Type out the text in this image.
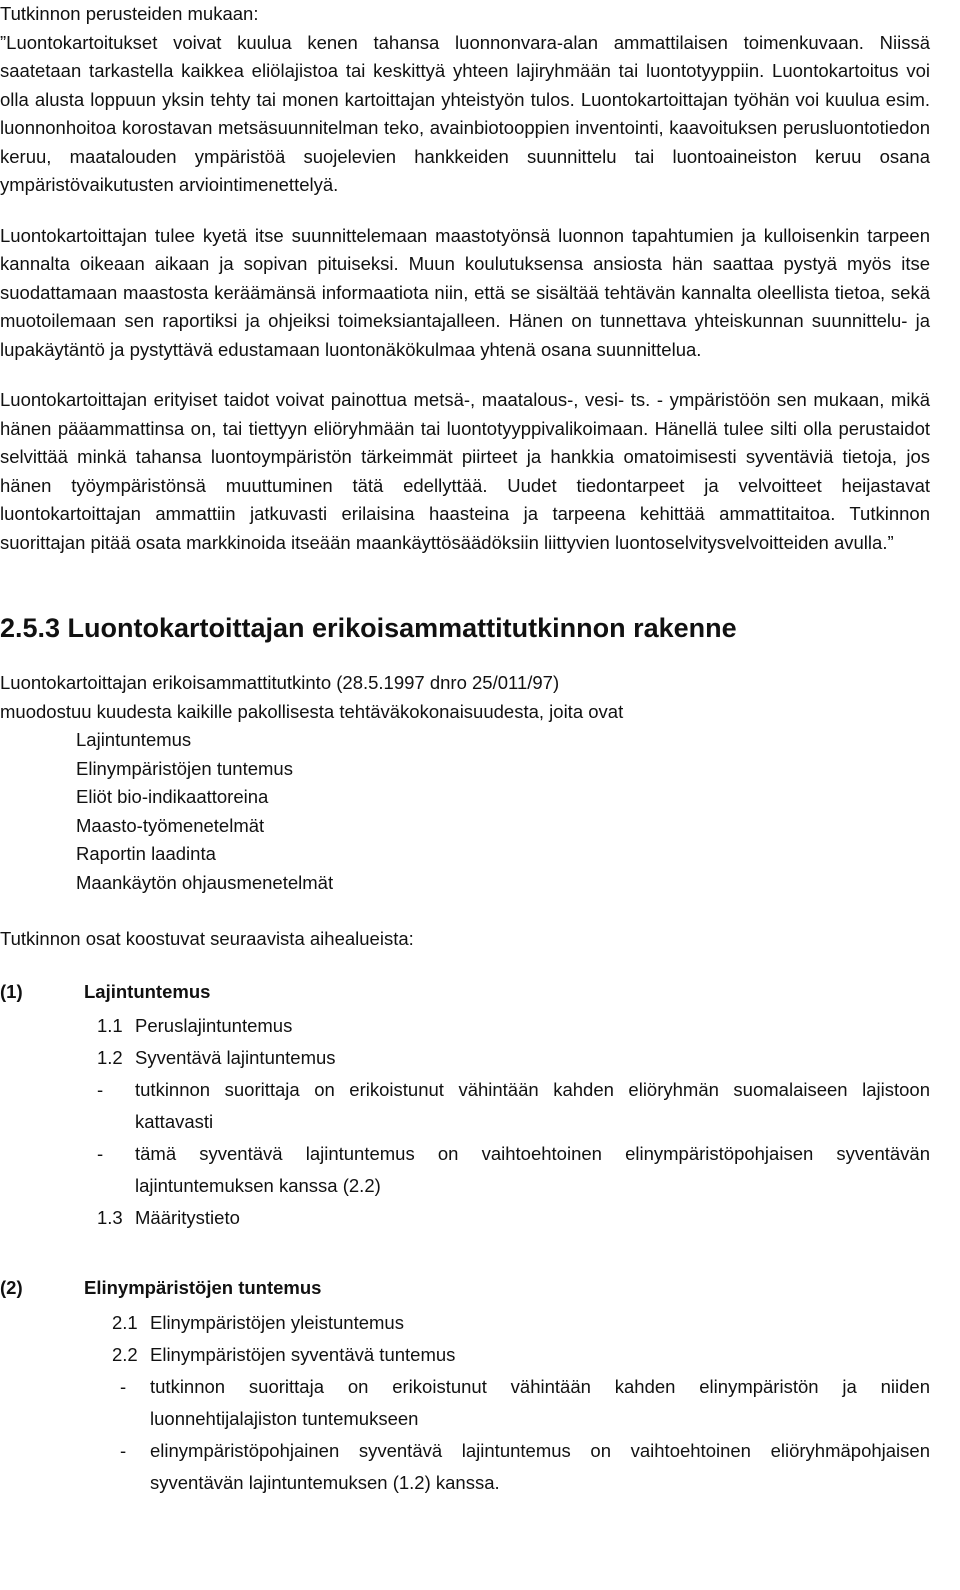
Tutkinnon perusteiden mukaan:

”Luontokartoitukset voivat kuulua kenen tahansa luonnonvara-alan ammattilaisen toimenkuvaan. Niissä saatetaan tarkastella kaikkea eliölajistoa tai keskittyä yhteen lajiryhmään tai luontotyyppiin. Luontokartoitus voi olla alusta loppuun yksin tehty tai monen kartoittajan yhteistyön tulos. Luontokartoittajan työhän voi kuulua esim. luonnonhoitoa korostavan metsäsuunnitelman teko, avainbiotooppien inventointi, kaavoituksen perusluontotiedon keruu, maatalouden ympäristöä suojelevien hankkeiden suunnittelu tai luontoaineiston keruu osana ympäristövaikutusten arviointimenettelyä.

Luontokartoittajan tulee kyetä itse suunnittelemaan maastotyönsä luonnon tapahtumien ja kulloisenkin tarpeen kannalta oikeaan aikaan ja sopivan pituiseksi. Muun koulutuksensa ansiosta hän saattaa pystyä myös itse suodattamaan maastosta keräämänsä informaatiota niin, että se sisältää tehtävän kannalta oleellista tietoa, sekä muotoilemaan sen raportiksi ja ohjeiksi toimeksiantajalleen. Hänen on tunnettava yhteiskunnan suunnittelu- ja lupakäytäntö ja pystyttävä edustamaan luontonäkökulmaa yhtenä osana suunnittelua.

Luontokartoittajan erityiset taidot voivat painottua metsä-, maatalous-, vesi- ts. - ympäristöön sen mukaan, mikä hänen pääammattinsa on, tai tiettyyn eliöryhmään tai luontotyyppivalikoimaan. Hänellä tulee silti olla perustaidot selvittää minkä tahansa luontoympäristön tärkeimmät piirteet ja hankkia omatoimisesti syventäviä tietoja, jos hänen työympäristönsä muuttuminen tätä edellyttää. Uudet tiedontarpeet ja velvoitteet heijastavat luontokartoittajan ammattiin jatkuvasti erilaisina haasteina ja tarpeena kehittää ammattitaitoa. Tutkinnon suorittajan pitää osata markkinoida itseään maankäyttösäädöksiin liittyvien luontoselvitysvelvoitteiden avulla.”

2.5.3 Luontokartoittajan erikoisammattitutkinnon rakenne

Luontokartoittajan erikoisammattitutkinto (28.5.1997 dnro 25/011/97)

muodostuu kuudesta kaikille pakollisesta tehtäväkokonaisuudesta, joita ovat

Lajintuntemus
Elinympäristöjen tuntemus
Eliöt bio-indikaattoreina
Maasto-työmenetelmät
Raportin laadinta
Maankäytön ohjausmenetelmät

Tutkinnon osat koostuvat seuraavista aihealueista:

(1)	Lajintuntemus
1.1 Peruslajintuntemus
1.2 Syventävä lajintuntemus
-	tutkinnon suorittaja on erikoistunut vähintään kahden eliöryhmän suomalaiseen lajistoon kattavasti
-	tämä syventävä lajintuntemus on vaihtoehtoinen elinympäristöpohjaisen syventävän lajintuntemuksen kanssa (2.2)
1.3 Määritystieto
(2)	Elinympäristöjen tuntemus
2.1 Elinympäristöjen yleistuntemus
2.2 Elinympäristöjen syventävä tuntemus
-	tutkinnon suorittaja on erikoistunut vähintään kahden elinympäristön ja niiden luonnehtijalajiston tuntemukseen
-	elinympäristöpohjainen syventävä lajintuntemus on vaihtoehtoinen eliöryhmäpohjaisen syventävän lajintuntemuksen (1.2) kanssa.
